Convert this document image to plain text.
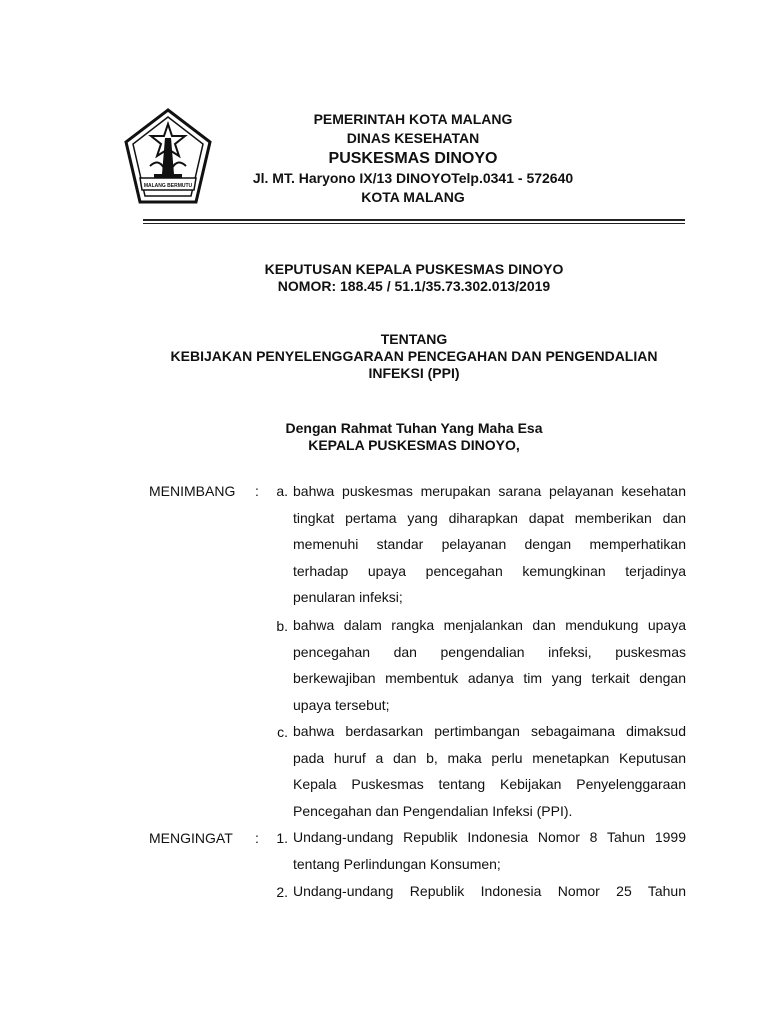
MALANG BERMUTU
PEMERINTAH KOTA MALANG
DINAS KESEHATAN
PUSKESMAS DINOYO
Jl. MT. Haryono IX/13 DINOYOTelp.0341 - 572640
KOTA MALANG
KEPUTUSAN KEPALA PUSKESMAS DINOYO
NOMOR: 188.45 / 51.1/35.73.302.013/2019
TENTANG
KEBIJAKAN PENYELENGGARAAN PENCEGAHAN DAN PENGENDALIAN
INFEKSI (PPI)
Dengan Rahmat Tuhan Yang Maha Esa
KEPALA PUSKESMAS DINOYO,
MENIMBANG :	a. bahwa puskesmas merupakan sarana pelayanan kesehatan tingkat pertama yang diharapkan dapat memberikan dan memenuhi standar pelayanan dengan memperhatikan terhadap upaya pencegahan kemungkinan terjadinya penularan infeksi;
b. bahwa dalam rangka menjalankan dan mendukung upaya pencegahan dan pengendalian infeksi, puskesmas berkewajiban membentuk adanya tim yang terkait dengan upaya tersebut;
c. bahwa berdasarkan pertimbangan sebagaimana dimaksud pada huruf a dan b, maka perlu menetapkan Keputusan Kepala Puskesmas tentang Kebijakan Penyelenggaraan Pencegahan dan Pengendalian Infeksi (PPI).
MENGINGAT :	1. Undang-undang Republik Indonesia Nomor 8 Tahun 1999 tentang Perlindungan Konsumen;
2. Undang-undang Republik Indonesia Nomor 25 Tahun
